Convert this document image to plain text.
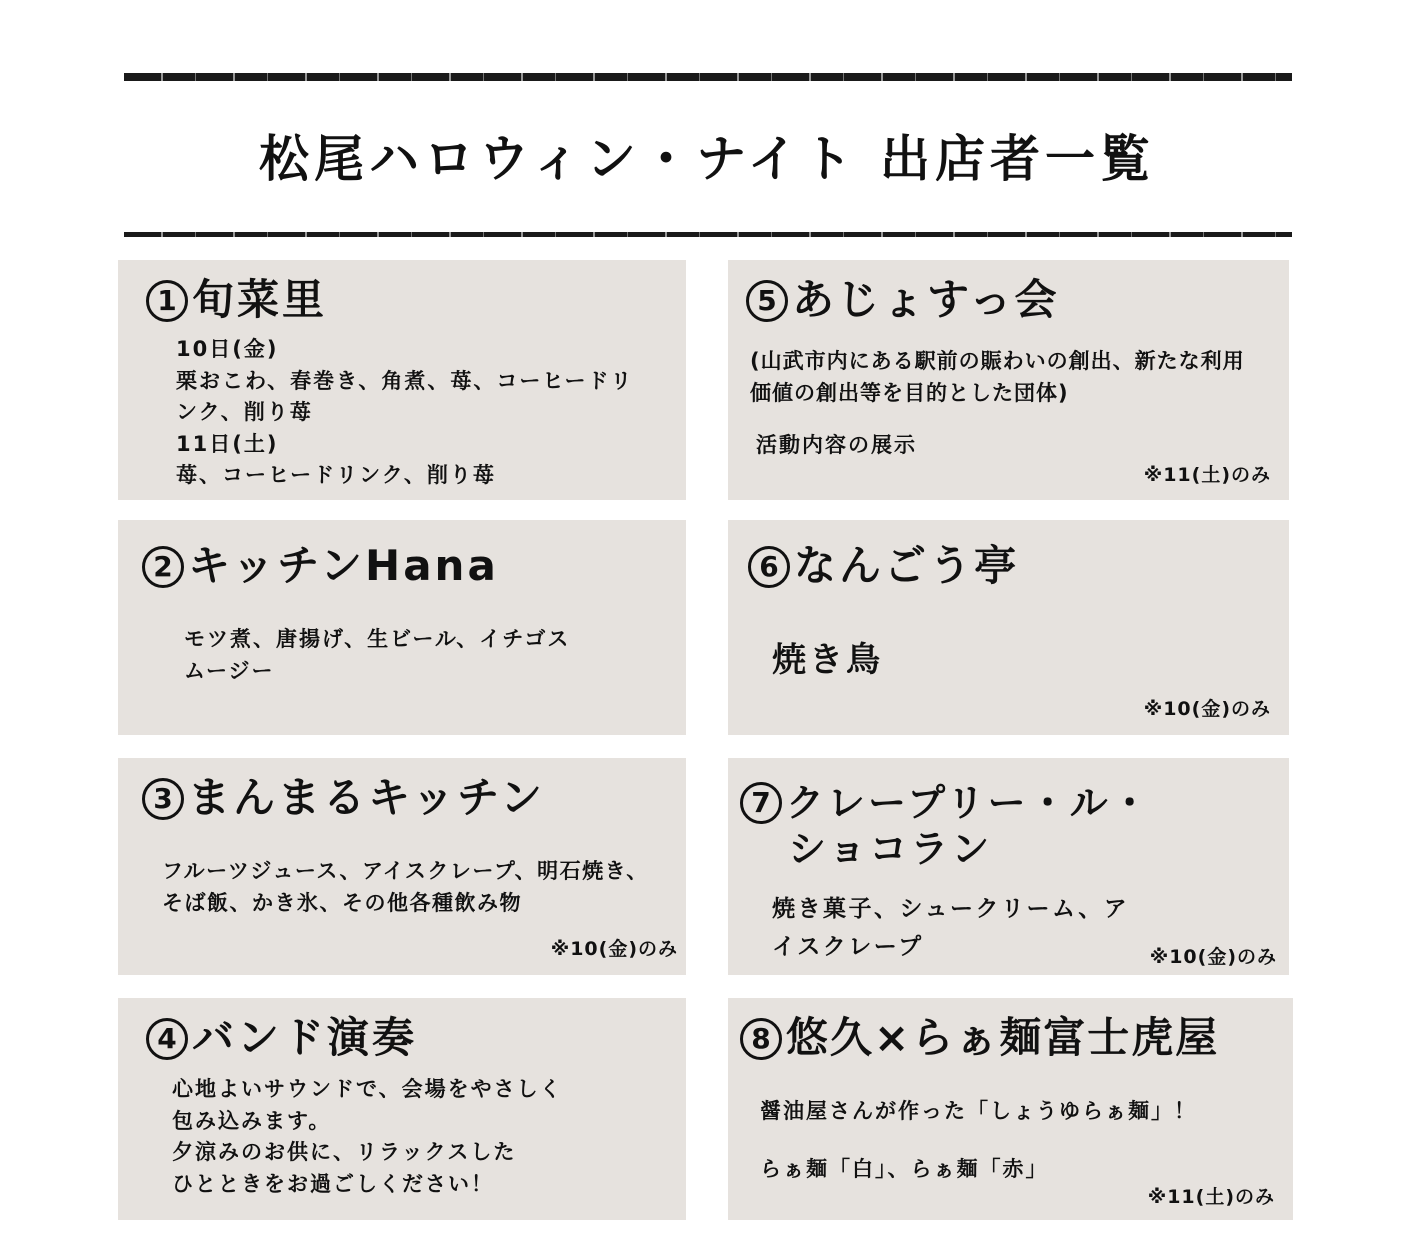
松尾ハロウィン・ナイト 出店者一覧
1 旬菜里
10日(金)
栗おこわ、春巻き、角煮、苺、コーヒードリ
ンク、削り苺
11日(土)
苺、コーヒードリンク、削り苺
2 キッチンHana
モツ煮、唐揚げ、生ビール、イチゴス
ムージー
3 まんまるキッチン
フルーツジュース、アイスクレープ、明石焼き、
そば飯、かき氷、その他各種飲み物
※10(金)のみ
4 バンド演奏
心地よいサウンドで、会場をやさしく
包み込みます。
夕涼みのお供に、リラックスした
ひとときをお過ごしください！
5 あじょすっ会
(山武市内にある駅前の賑わいの創出、新たな利用
価値の創出等を目的とした団体)
活動内容の展示
※11(土)のみ
6 なんごう亭
焼き鳥
※10(金)のみ
7 クレープリー・ル・
ショコラン
焼き菓子、シュークリーム、ア
イスクレープ	※10(金)のみ
8 悠久×らぁ麺富士虎屋
醤油屋さんが作った「しょうゆらぁ麺」！
らぁ麺「白」、らぁ麺「赤」
※11(土)のみ
